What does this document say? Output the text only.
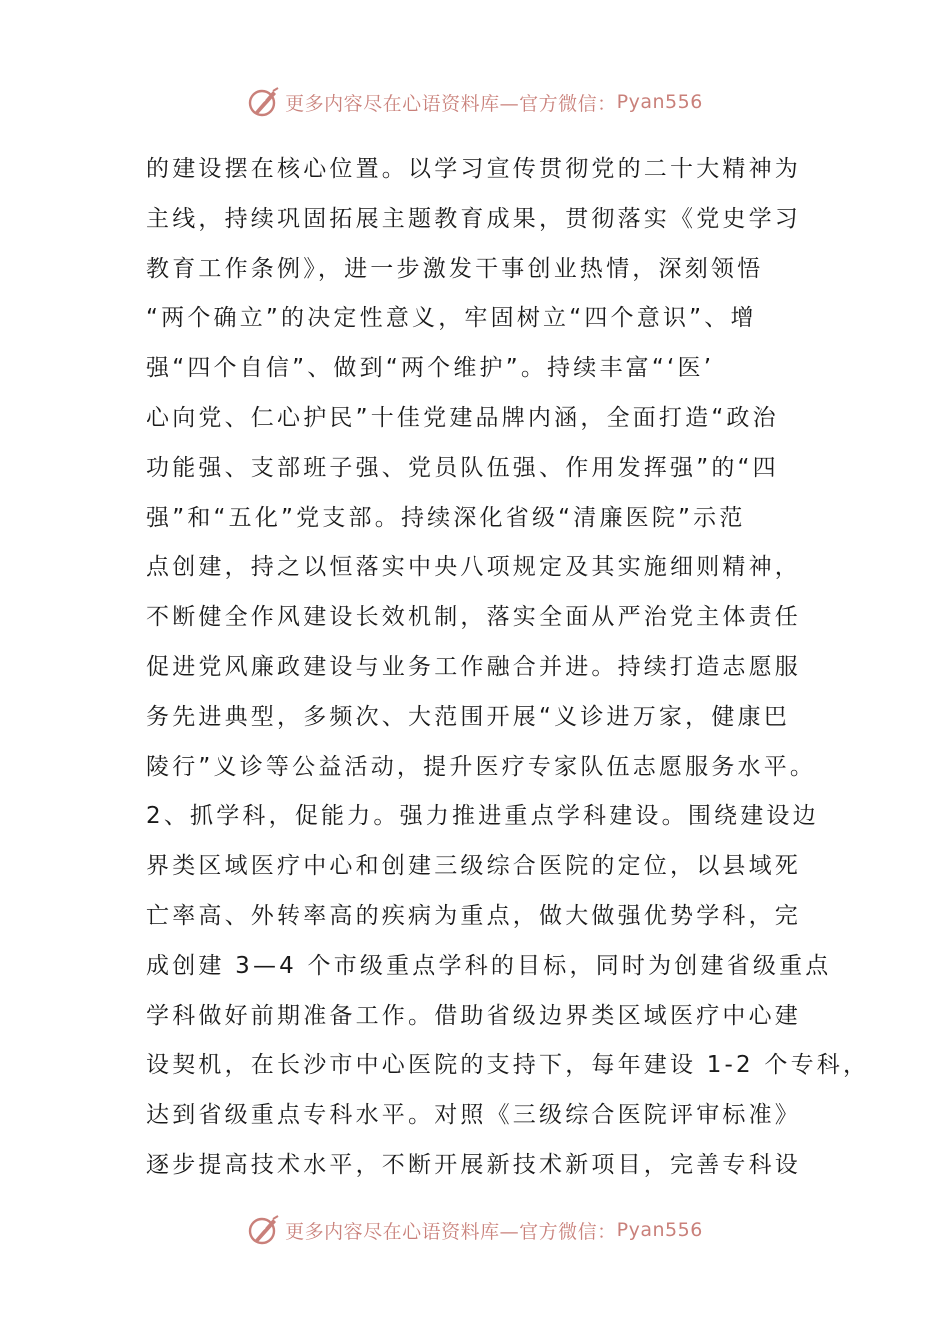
更多内容尽在心语资料库—官方微信： Pyan556
的建设摆在核心位置。以学习宣传贯彻党的二十大精神为
主线，持续巩固拓展主题教育成果，贯彻落实《党史学习
教育工作条例》，进一步激发干事创业热情，深刻领悟
“两个确立”的决定性意义，牢固树立“四个意识”、增
强“四个自信”、做到“两个维护”。持续丰富“‘医’
心向党、仁心护民”十佳党建品牌内涵，全面打造“政治
功能强、支部班子强、党员队伍强、作用发挥强”的“四
强”和“五化”党支部。持续深化省级“清廉医院”示范
点创建，持之以恒落实中央八项规定及其实施细则精神，
不断健全作风建设长效机制，落实全面从严治党主体责任
促进党风廉政建设与业务工作融合并进。持续打造志愿服
务先进典型，多频次、大范围开展“义诊进万家，健康巴
陵行”义诊等公益活动，提升医疗专家队伍志愿服务水平。
2、抓学科，促能力。强力推进重点学科建设。围绕建设边
界类区域医疗中心和创建三级综合医院的定位，以县域死
亡率高、外转率高的疾病为重点，做大做强优势学科，完
成创建 3—4 个市级重点学科的目标，同时为创建省级重点
学科做好前期准备工作。借助省级边界类区域医疗中心建
设契机，在长沙市中心医院的支持下，每年建设 1-2 个专科，
达到省级重点专科水平。对照《三级综合医院评审标准》
逐步提高技术水平，不断开展新技术新项目，完善专科设
更多内容尽在心语资料库—官方微信： Pyan556
